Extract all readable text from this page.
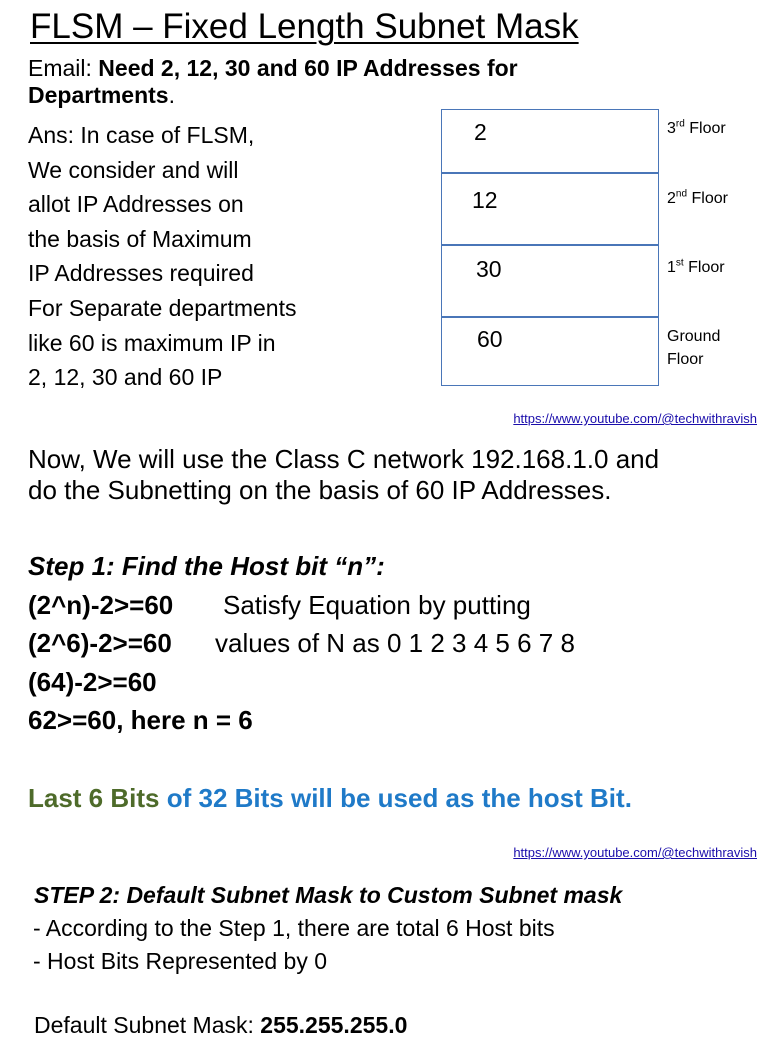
FLSM – Fixed Length Subnet Mask
Email: Need 2, 12, 30 and 60 IP Addresses for
Departments.
Ans: In case of FLSM,
We consider and will
allot IP Addresses on
the basis of Maximum
IP Addresses required
For Separate departments
like 60 is maximum IP in
2, 12, 30 and 60 IP
2
12
30
60
3rd Floor
2nd Floor
1st Floor
Ground
Floor
https://www.youtube.com/@techwithravish
Now, We will use the Class C network 192.168.1.0 and
do the Subnetting on the basis of 60 IP Addresses.
Step 1: Find the Host bit “n”:
(2^n)-2>=60 Satisfy Equation by putting
(2^6)-2>=60 values of N as 0 1 2 3 4 5 6 7 8
(64)-2>=60
62>=60, here n = 6
Last 6 Bits of 32 Bits will be used as the host Bit.
https://www.youtube.com/@techwithravish
STEP 2: Default Subnet Mask to Custom Subnet mask
- According to the Step 1, there are total 6 Host bits
- Host Bits Represented by 0
Default Subnet Mask: 255.255.255.0
